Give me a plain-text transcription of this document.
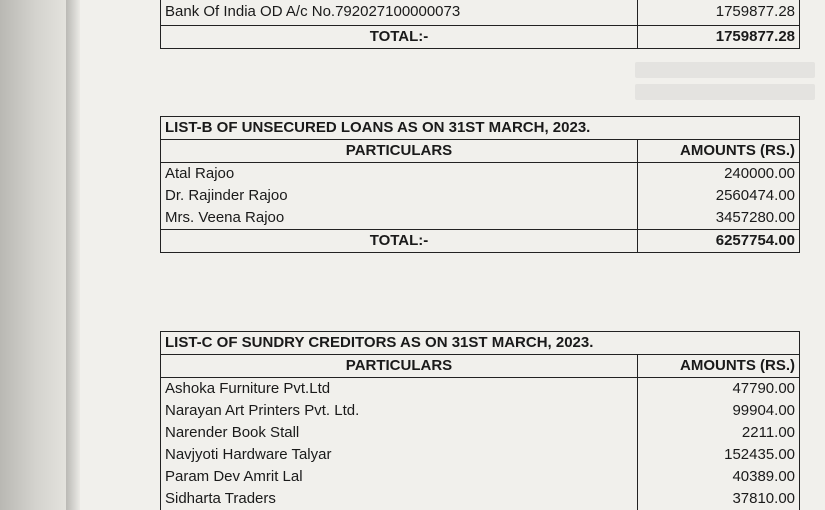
Bank Of India OD A/c No.792027100000073	1759877.28
TOTAL:-	1759877.28
LIST-B OF UNSECURED LOANS AS ON 31ST MARCH, 2023.	
PARTICULARS	AMOUNTS (RS.)
Atal Rajoo	240000.00
Dr. Rajinder Rajoo	2560474.00
Mrs. Veena Rajoo	3457280.00
TOTAL:-	6257754.00
LIST-C OF SUNDRY CREDITORS AS ON 31ST MARCH, 2023.	
PARTICULARS	AMOUNTS (RS.)
Ashoka Furniture Pvt.Ltd	47790.00
Narayan Art Printers Pvt. Ltd.	99904.00
Narender Book Stall	2211.00
Navjyoti Hardware Talyar	152435.00
Param Dev Amrit Lal	40389.00
Sidharta Traders	37810.00
